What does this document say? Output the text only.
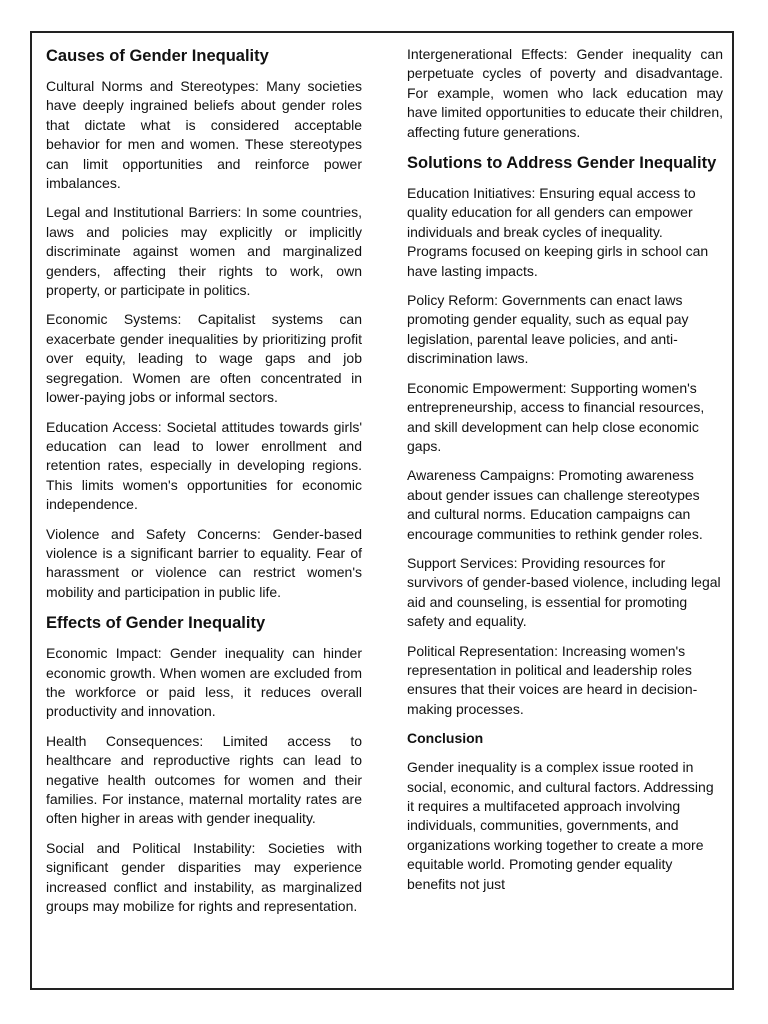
Causes of Gender Inequality

Cultural Norms and Stereotypes: Many societies have deeply ingrained beliefs about gender roles that dictate what is considered acceptable behavior for men and women. These stereotypes can limit opportunities and reinforce power imbalances.

Legal and Institutional Barriers: In some countries, laws and policies may explicitly or implicitly discriminate against women and marginalized genders, affecting their rights to work, own property, or participate in politics.

Economic Systems: Capitalist systems can exacerbate gender inequalities by prioritizing profit over equity, leading to wage gaps and job segregation. Women are often concentrated in lower-paying jobs or informal sectors.

Education Access: Societal attitudes towards girls' education can lead to lower enrollment and retention rates, especially in developing regions. This limits women's opportunities for economic independence.

Violence and Safety Concerns: Gender-based violence is a significant barrier to equality. Fear of harassment or violence can restrict women's mobility and participation in public life.

Effects of Gender Inequality

Economic Impact: Gender inequality can hinder economic growth. When women are excluded from the workforce or paid less, it reduces overall productivity and innovation.

Health Consequences: Limited access to healthcare and reproductive rights can lead to negative health outcomes for women and their families. For instance, maternal mortality rates are often higher in areas with gender inequality.

Social and Political Instability: Societies with significant gender disparities may experience increased conflict and instability, as marginalized groups may mobilize for rights and representation.

Intergenerational Effects: Gender inequality can perpetuate cycles of poverty and disadvantage. For example, women who lack education may have limited opportunities to educate their children, affecting future generations.

Solutions to Address Gender Inequality

Education Initiatives: Ensuring equal access to quality education for all genders can empower individuals and break cycles of inequality. Programs focused on keeping girls in school can have lasting impacts.

Policy Reform: Governments can enact laws promoting gender equality, such as equal pay legislation, parental leave policies, and anti-discrimination laws.

Economic Empowerment: Supporting women's entrepreneurship, access to financial resources, and skill development can help close economic gaps.

Awareness Campaigns: Promoting awareness about gender issues can challenge stereotypes and cultural norms. Education campaigns can encourage communities to rethink gender roles.

Support Services: Providing resources for survivors of gender-based violence, including legal aid and counseling, is essential for promoting safety and equality.

Political Representation: Increasing women's representation in political and leadership roles ensures that their voices are heard in decision-making processes.

Conclusion

Gender inequality is a complex issue rooted in social, economic, and cultural factors. Addressing it requires a multifaceted approach involving individuals, communities, governments, and organizations working together to create a more equitable world. Promoting gender equality benefits not just
